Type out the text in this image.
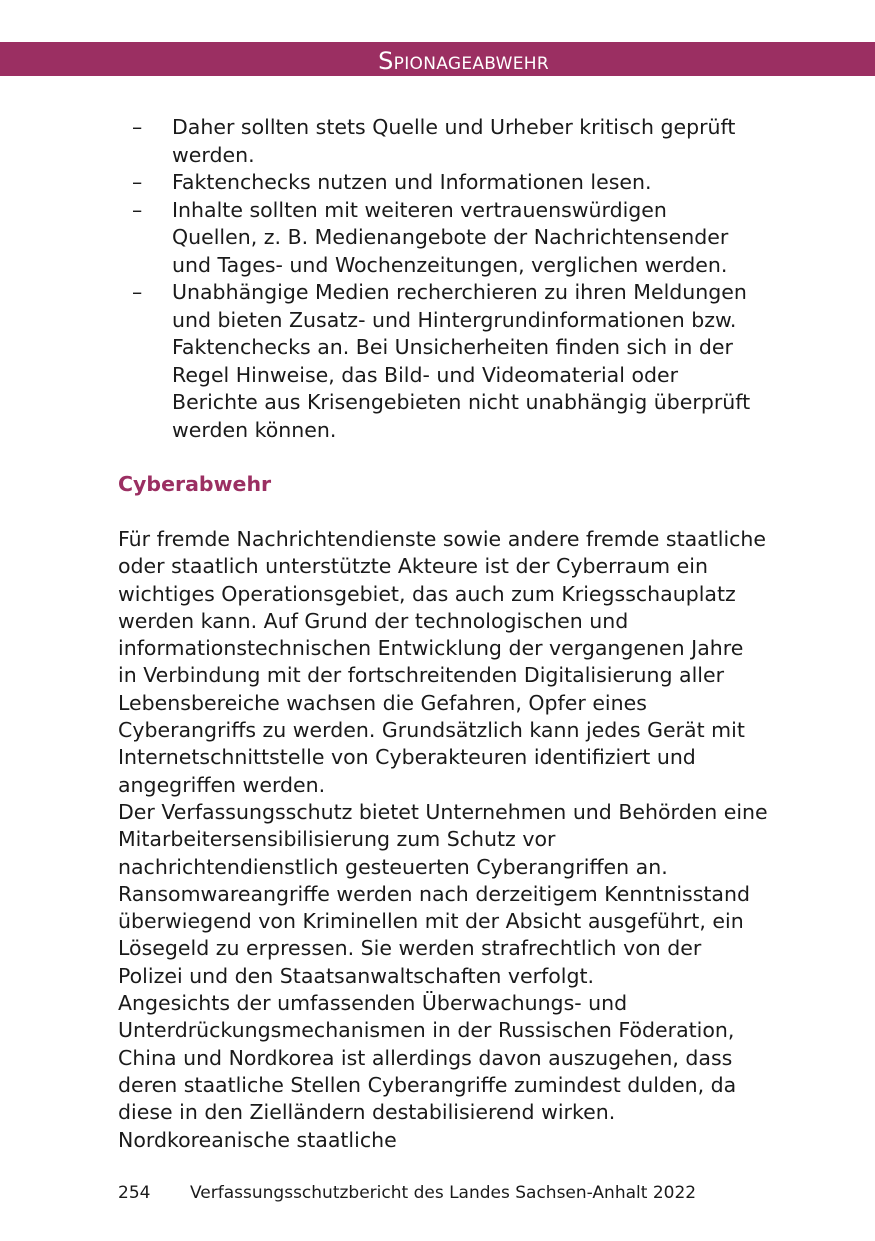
Spionageabwehr
– Daher sollten stets Quelle und Urheber kritisch geprüft werden.
– Faktenchecks nutzen und Informationen lesen.
– Inhalte sollten mit weiteren vertrauenswürdigen Quellen, z. B. Medienangebote der Nachrichtensender und Tages- und Wochenzeitungen, verglichen werden.
– Unabhängige Medien recherchieren zu ihren Meldungen und bieten Zusatz- und Hintergrundinformationen bzw. Faktenchecks an. Bei Unsicherheiten finden sich in der Regel Hinweise, das Bild- und Videomaterial oder Berichte aus Krisengebieten nicht unabhängig überprüft werden können.
Cyberabwehr

Für fremde Nachrichtendienste sowie andere fremde staatliche oder staatlich unterstützte Akteure ist der Cyberraum ein wichtiges Operationsgebiet, das auch zum Kriegsschauplatz werden kann. Auf Grund der technologischen und informationstechnischen Entwicklung der vergangenen Jahre in Verbindung mit der fortschreitenden Digitalisierung aller Lebensbereiche wachsen die Gefahren, Opfer eines Cyberangriffs zu werden. Grundsätzlich kann jedes Gerät mit Internetschnittstelle von Cyberakteuren identifiziert und angegriffen werden.

Der Verfassungsschutz bietet Unternehmen und Behörden eine Mitarbeitersensibilisierung zum Schutz vor nachrichtendienstlich gesteuerten Cyberangriffen an. Ransomwareangriffe werden nach derzeitigem Kenntnisstand überwiegend von Kriminellen mit der Absicht ausgeführt, ein Lösegeld zu erpressen. Sie werden strafrechtlich von der Polizei und den Staatsanwaltschaften verfolgt.

Angesichts der umfassenden Überwachungs- und Unterdrückungsmechanismen in der Russischen Föderation, China und Nordkorea ist allerdings davon auszugehen, dass deren staatliche Stellen Cyberangriffe zumindest dulden, da diese in den Zielländern destabilisierend wirken. Nordkoreanische staatliche

254 Verfassungsschutzbericht des Landes Sachsen-Anhalt 2022
